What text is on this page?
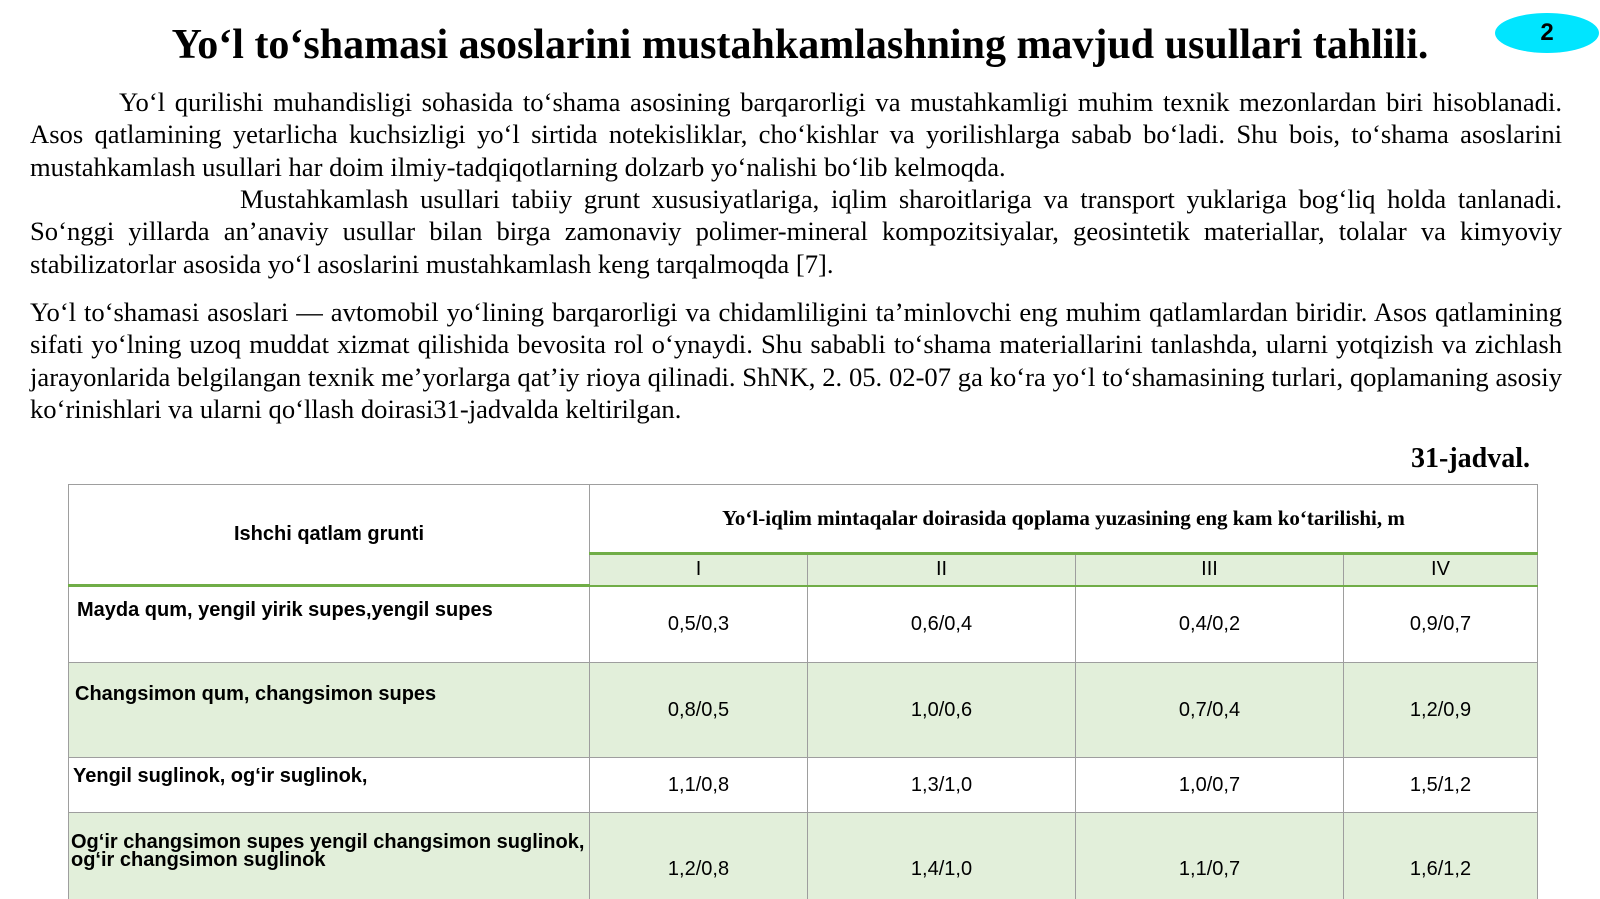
Yo‘l to‘shamasi asoslarini mustahkamlashning mavjud usullari tahlili.	2

Yo‘l qurilishi muhandisligi sohasida to‘shama asosining barqarorligi va mustahkamligi muhim texnik mezonlardan biri hisoblanadi. Asos qatlamining yetarlicha kuchsizligi yo‘l sirtida notekisliklar, cho‘kishlar va yorilishlarga sabab bo‘ladi. Shu bois, to‘shama asoslarini mustahkamlash usullari har doim ilmiy-tadqiqotlarning dolzarb yo‘nalishi bo‘lib kelmoqda.

Mustahkamlash usullari tabiiy grunt xususiyatlariga, iqlim sharoitlariga va transport yuklariga bog‘liq holda tanlanadi. So‘nggi yillarda an’anaviy usullar bilan birga zamonaviy polimer-mineral kompozitsiyalar, geosintetik materiallar, tolalar va kimyoviy stabilizatorlar asosida yo‘l asoslarini mustahkamlash keng tarqalmoqda [7].

Yo‘l to‘shamasi asoslari — avtomobil yo‘lining barqarorligi va chidamliligini ta’minlovchi eng muhim qatlamlardan biridir. Asos qatlamining sifati yo‘lning uzoq muddat xizmat qilishida bevosita rol o‘ynaydi. Shu sababli to‘shama materiallarini tanlashda, ularni yotqizish va zichlash jarayonlarida belgilangan texnik me’yorlarga qat’iy rioya qilinadi. ShNK, 2. 05. 02-07 ga ko‘ra yo‘l to‘shamasining turlari, qoplamaning asosiy ko‘rinishlari va ularni qo‘llash doirasi31-jadvalda keltirilgan.

31-jadval.
Ishchi qatlam grunti	Yo‘l-iqlim mintaqalar doirasida qoplama yuzasining eng kam ko‘tarilishi, m			
	I	II	III	IV
Mayda qum, yengil yirik supes,yengil supes	0,5/0,3	0,6/0,4	0,4/0,2	0,9/0,7
Changsimon qum, changsimon supes	0,8/0,5	1,0/0,6	0,7/0,4	1,2/0,9
Yengil suglinok, og‘ir suglinok,	1,1/0,8	1,3/1,0	1,0/0,7	1,5/1,2
Og‘ir changsimon supes yengil changsimon suglinok, og‘ir changsimon suglinok	1,2/0,8	1,4/1,0	1,1/0,7	1,6/1,2
